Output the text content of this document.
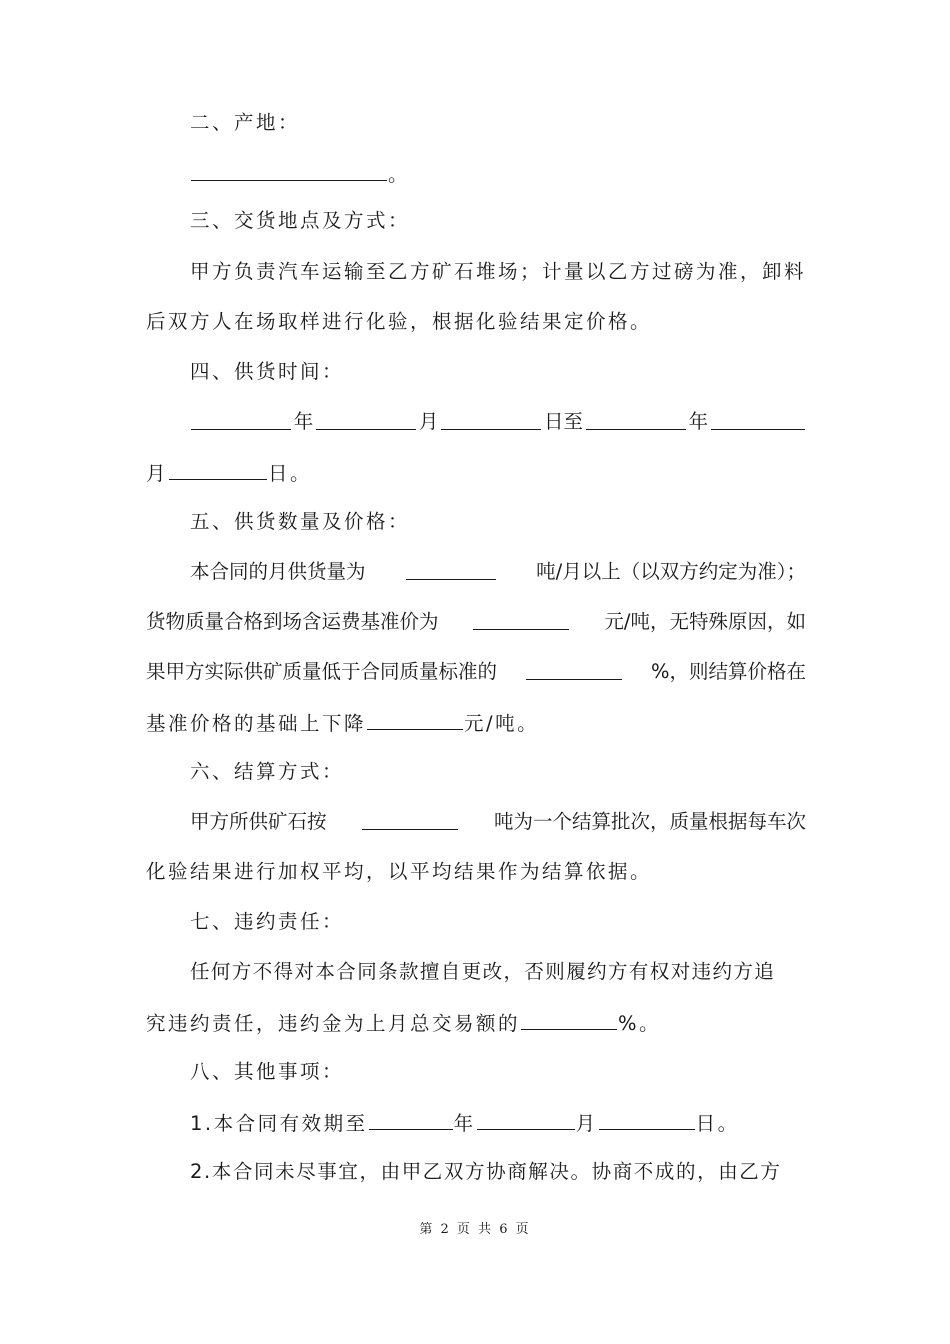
二、产地：
。
三、交货地点及方式：
甲方负责汽车运输至乙方矿石堆场；计量以乙方过磅为准，卸料
后双方人在场取样进行化验，根据化验结果定价格。
四、供货时间：
年	月	日至	年
月	日。
五、供货数量及价格：
本合同的月供货量为	吨/月以上（以双方约定为准）；
货物质量合格到场含运费基准价为	元/吨，无特殊原因，如
果甲方实际供矿质量低于合同质量标准的	%，则结算价格在
基准价格的基础上下降	元/吨。
六、结算方式：
甲方所供矿石按	吨为一个结算批次，质量根据每车次
化验结果进行加权平均，以平均结果作为结算依据。
七、违约责任：
任何方不得对本合同条款擅自更改，否则履约方有权对违约方追
究违约责任，违约金为上月总交易额的	%。
八、其他事项：
1.本合同有效期至	年	月	日。
2.本合同未尽事宜，由甲乙双方协商解决。协商不成的，由乙方
第 2 页 共 6 页
